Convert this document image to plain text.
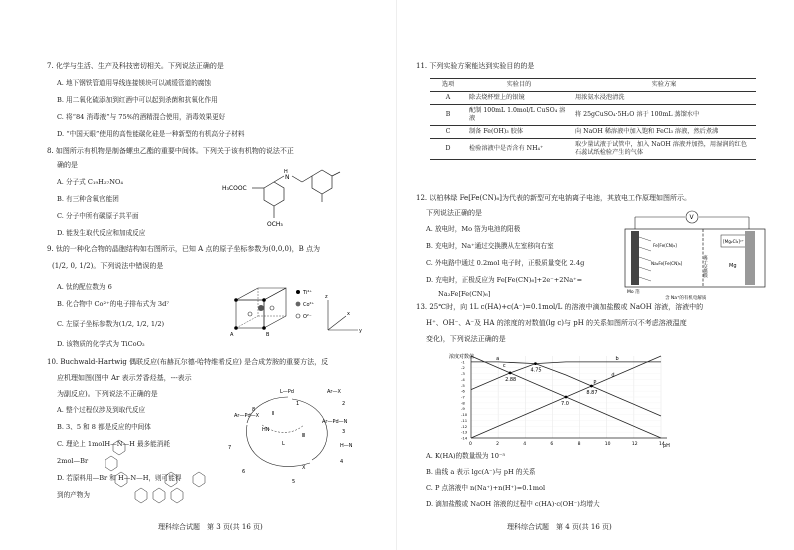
7. 化学与生活、生产及科技密切相关。下列说法正确的是
A. 地下钢铁管道用导线连接镁块可以减缓管道的腐蚀
B. 用二氧化硫添加到红酒中可以起到杀菌和抗氧化作用
C. 将“84 消毒液”与 75%的酒精混合使用，消毒效果更好
D. “中国天眼”使用的高性能碳化硅是一种新型的有机高分子材料
8. 如图所示有机物是制备螺虫乙酯的重要中间体。下列关于该有机物的说法不正
确的是
A. 分子式 C₁₉H₂₇NO₄
B. 有三种含氧官能团
C. 分子中所有碳原子共平面
D. 能发生取代反应和加成反应
H₃COOC
OCH₃
H
N
9. 钛的一种化合物的晶胞结构如右图所示，已知 A 点的原子坐标参数为(0,0,0)，B 点为
(1/2, 0, 1/2)。下列说法中错误的是
A. 钛的配位数为 6
B. 化合物中 Co²⁺的电子排布式为 3d⁷
C. 左原子坐标参数为(1/2, 1/2, 1/2)
D. 该物质的化学式为 TiCoO₂
A	B
Ti⁴⁺
Co²⁺
O²⁻
z
y
x
10. Buchwald-Hartwig 偶联反应(布赫瓦尔德-哈特维希反应) 是合成芳胺的重要方法，反
应机理如图(图中 Ar 表示芳香烃基，---表示
为副反应)。下列说法不正确的是
A. 整个过程仅涉及到取代反应
B. 3、5 和 8 都是反应的中间体
C. 理论上 1molH—N—H 最多能消耗
2mol—Br
D. 若原料用—Br 和 H—N—H，则可能得
到的产物为
L—Pd	Ar—X
Ar—Pd—X
HN
Ar—Pd—N
L	H—N
X
1	2
3
4
5
6
7
8
Ⅱ
Ⅲ
理科综合试题　第 3 页(共 16 页)
11. 下列实验方案能达到实验目的的是
选项	实验目的	实验方案
A	除去烧杯壁上的银镜	用浓氨水浸泡清洗
B	配制 100mL 1.0mol/L CuSO₄ 溶液	将 25gCuSO₄·5H₂O 溶于 100mL 蒸馏水中
C	制备 Fe(OH)₃ 胶体	向 NaOH 稀溶液中加入饱和 FeCl₃ 溶液，然后煮沸
D	检验溶液中是否含有 NH₄⁺	取少量试液于试管中，加入 NaOH 溶液并加热，用湿润的红色石蕊试纸检验产生的气体
12. 以柏林绿 Fe[Fe(CN)₆]为代表的新型可充电钠离子电池，其放电工作原理如图所示。
下列说法正确的是
A. 放电时，Mo 箔为电池的阳极
B. 充电时，Na⁺通过交换膜从左室移向右室
C. 外电路中通过 0.2mol 电子时，正极质量变化 2.4g
D. 充电时，正极反应为 Fe[Fe(CN)₆]+2e⁻+2Na⁺=
Na₂Fe[Fe(CN)₆]
V
Fe[Fe(CN)₆]
Na₂Fe[Fe(CN)₆]	离子交换膜
[Mg₂Cl₂]²⁺
Mg
Mo 箔
含 Na⁺的有机电解质
13. 25℃时，向 1L c(HA)+c(A⁻)=0.1mol/L 的溶液中滴加盐酸或 NaOH 溶液，溶液中的
H⁺、OH⁻、A⁻及 HA 的浓度的对数值(lg c)与 pH 的关系如图所示(不考虑溶液温度
变化)，下列说法正确的是
0	2	4	6	8	10	12	14
-1
-2
-3
-4
-5
-6
-7
-8
-9
-10
-11
-12
-13
-14
4.75
2.88
7.0
8.87
P
a	b
c
d
浓度对数值
pH
A. K(HA)的数量级为 10⁻⁵
B. 曲线 a 表示 lgc(A⁻)与 pH 的关系
C. P 点溶液中 n(Na⁺)+n(H⁺)=0.1mol
D. 滴加盐酸或 NaOH 溶液的过程中 c(HA)·c(OH⁻)均增大
理科综合试题　第 4 页(共 16 页)
